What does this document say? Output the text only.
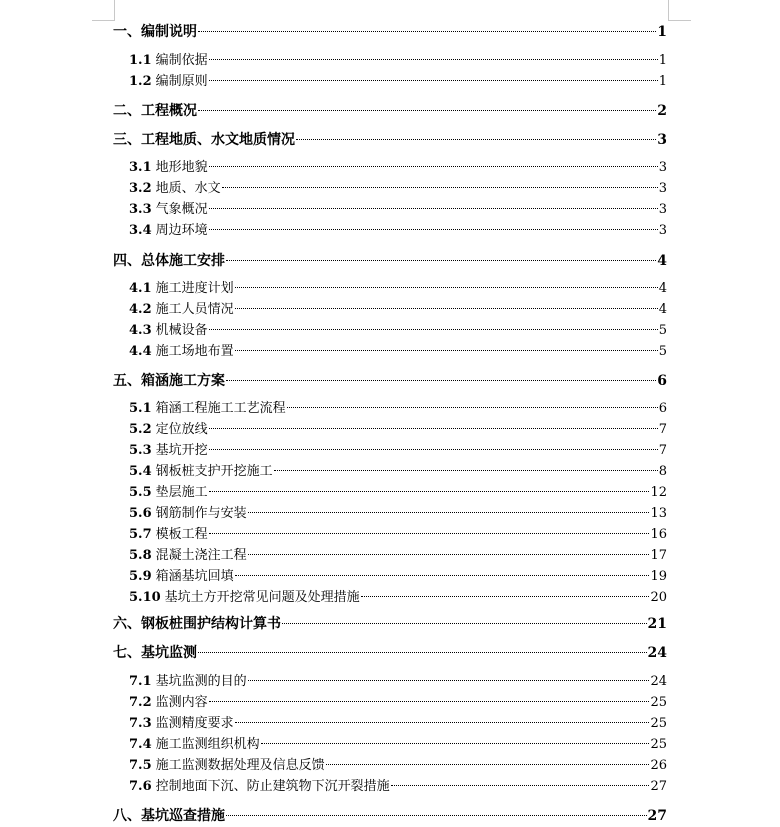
一、 编制说明	1
1.1 编制依据	1
1.2 编制原则	1
二、 工程概况	2
三、 工程地质、水文地质情况	3
3.1 地形地貌	3
3.2 地质、水文	3
3.3 气象概况	3
3.4 周边环境	3
四、 总体施工安排	4
4.1 施工进度计划	4
4.2 施工人员情况	4
4.3 机械设备	5
4.4 施工场地布置	5
五、 箱涵施工方案	6
5.1 箱涵工程施工工艺流程	6
5.2 定位放线	7
5.3 基坑开挖	7
5.4 钢板桩支护开挖施工	8
5.5 垫层施工	12
5.6 钢筋制作与安装	13
5.7 模板工程	16
5.8 混凝土浇注工程	17
5.9 箱涵基坑回填	19
5.10 基坑土方开挖常见问题及处理措施	20
六、 钢板桩围护结构计算书	21
七、 基坑监测	24
7.1 基坑监测的目的	24
7.2 监测内容	25
7.3 监测精度要求	25
7.4 施工监测组织机构	25
7.5 施工监测数据处理及信息反馈	26
7.6 控制地面下沉、防止建筑物下沉开裂措施	27
八、 基坑巡查措施	27
